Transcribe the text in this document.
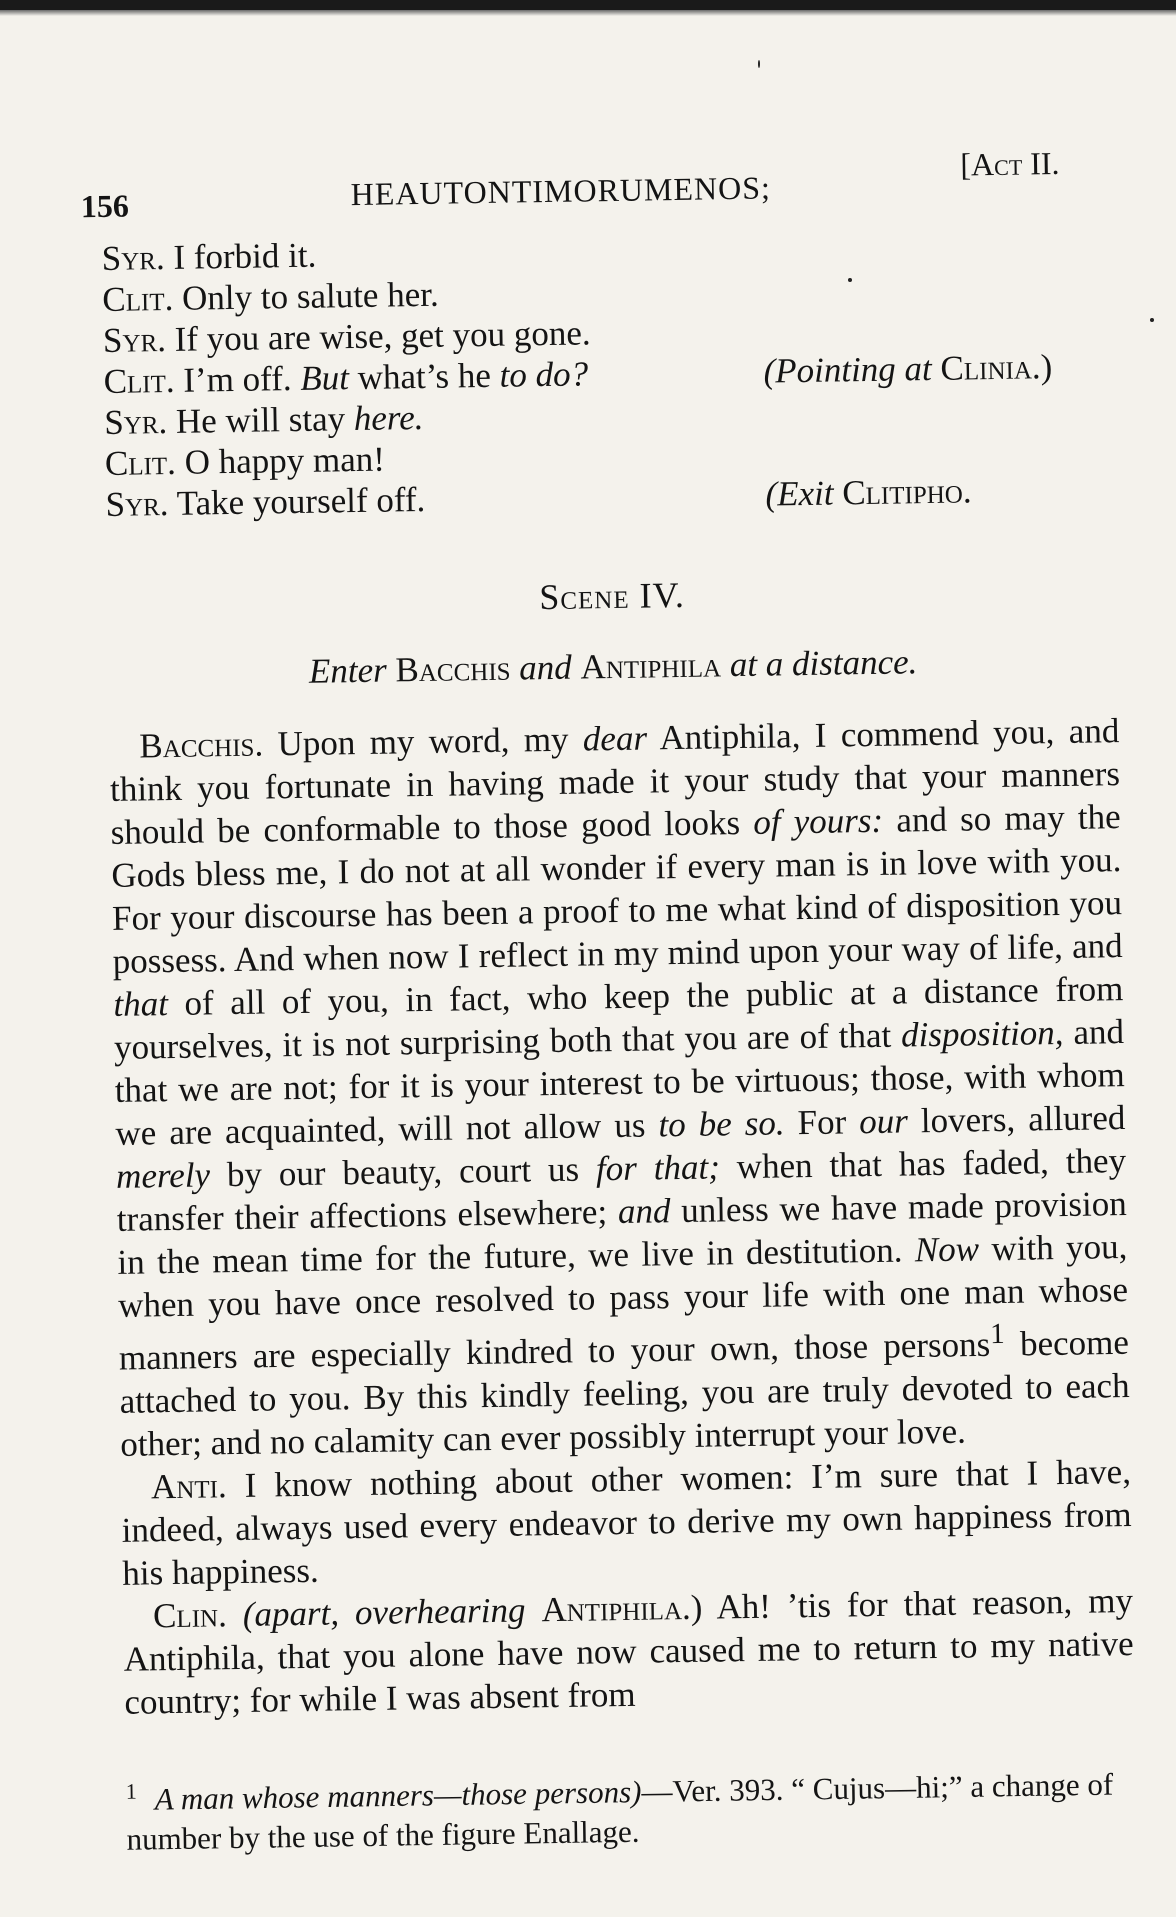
156	HEAUTONTIMORUMENOS;
[Act II.
Syr. I forbid it.
Clit. Only to salute her.
Syr. If you are wise, get you gone.
Clit. I’m off. But what’s he to do?	(Pointing at Clinia.)
Syr. He will stay here.
Clit. O happy man!
Syr. Take yourself off.	(Exit Clitipho.
Scene IV.
Enter Bacchis and Antiphila at a distance.

Bacchis. Upon my word, my dear Antiphila, I commend you, and think you fortunate in having made it your study that your manners should be conformable to those good looks of yours: and so may the Gods bless me, I do not at all wonder if every man is in love with you. For your discourse has been a proof to me what kind of disposition you possess. And when now I reflect in my mind upon your way of life, and that of all of you, in fact, who keep the public at a distance from yourselves, it is not surprising both that you are of that disposition, and that we are not; for it is your interest to be virtuous; those, with whom we are acquainted, will not allow us to be so. For our lovers, allured merely by our beauty, court us for that; when that has faded, they transfer their affections elsewhere; and unless we have made provision in the mean time for the future, we live in destitution. Now with you, when you have once resolved to pass your life with one man whose manners are especially kindred to your own, those persons$^1$ become attached to you. By this kindly feeling, you are truly devoted to each other; and no calamity can ever possibly interrupt your love.

Anti. I know nothing about other women: I’m sure that I have, indeed, always used every endeavor to derive my own happiness from his happiness.

Clin. (apart, overhearing Antiphila.) Ah! ’tis for that reason, my Antiphila, that you alone have now caused me to return to my native country; for while I was absent from

$^1$ A man whose manners—those persons)—Ver. 393. “ Cujus—hi;” a change of number by the use of the figure Enallage.
